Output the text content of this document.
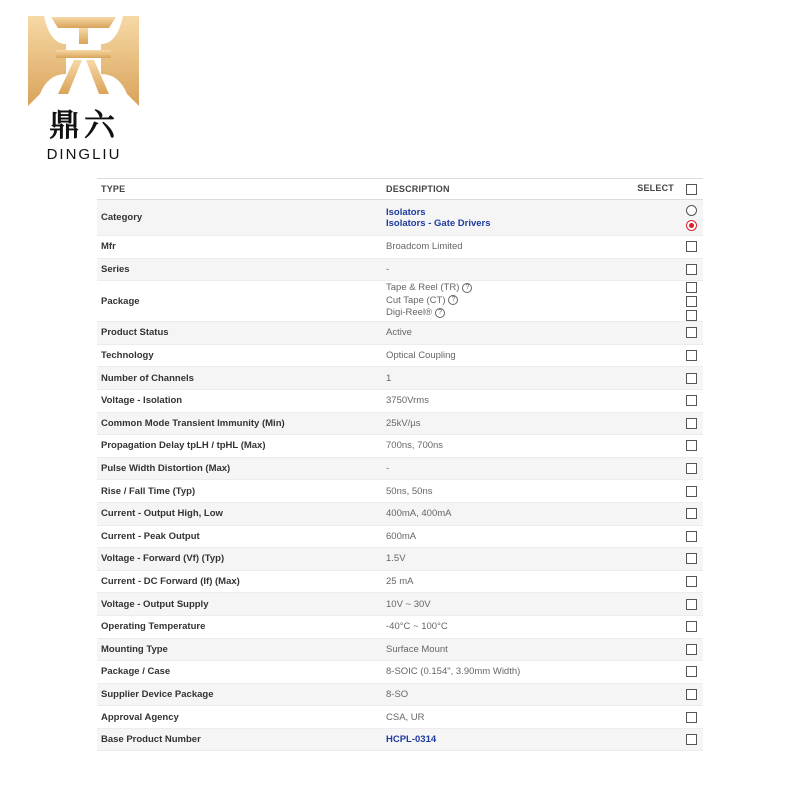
鼎六
DINGLIU
TYPE	DESCRIPTION	SELECT
Category	Isolators
Isolators - Gate Drivers	

Mfr	Broadcom Limited	
Series	-	
Package	Tape & Reel (TR) ?
Cut Tape (CT) ?
Digi-Reel® ?	

Product Status	Active	
Technology	Optical Coupling	
Number of Channels	1	
Voltage - Isolation	3750Vrms	
Common Mode Transient Immunity (Min)	25kV/µs	
Propagation Delay tpLH / tpHL (Max)	700ns, 700ns	
Pulse Width Distortion (Max)	-	
Rise / Fall Time (Typ)	50ns, 50ns	
Current - Output High, Low	400mA, 400mA	
Current - Peak Output	600mA	
Voltage - Forward (Vf) (Typ)	1.5V	
Current - DC Forward (If) (Max)	25 mA	
Voltage - Output Supply	10V ~ 30V	
Operating Temperature	-40°C ~ 100°C	
Mounting Type	Surface Mount	
Package / Case	8-SOIC (0.154", 3.90mm Width)	
Supplier Device Package	8-SO	
Approval Agency	CSA, UR	
Base Product Number	HCPL-0314	
